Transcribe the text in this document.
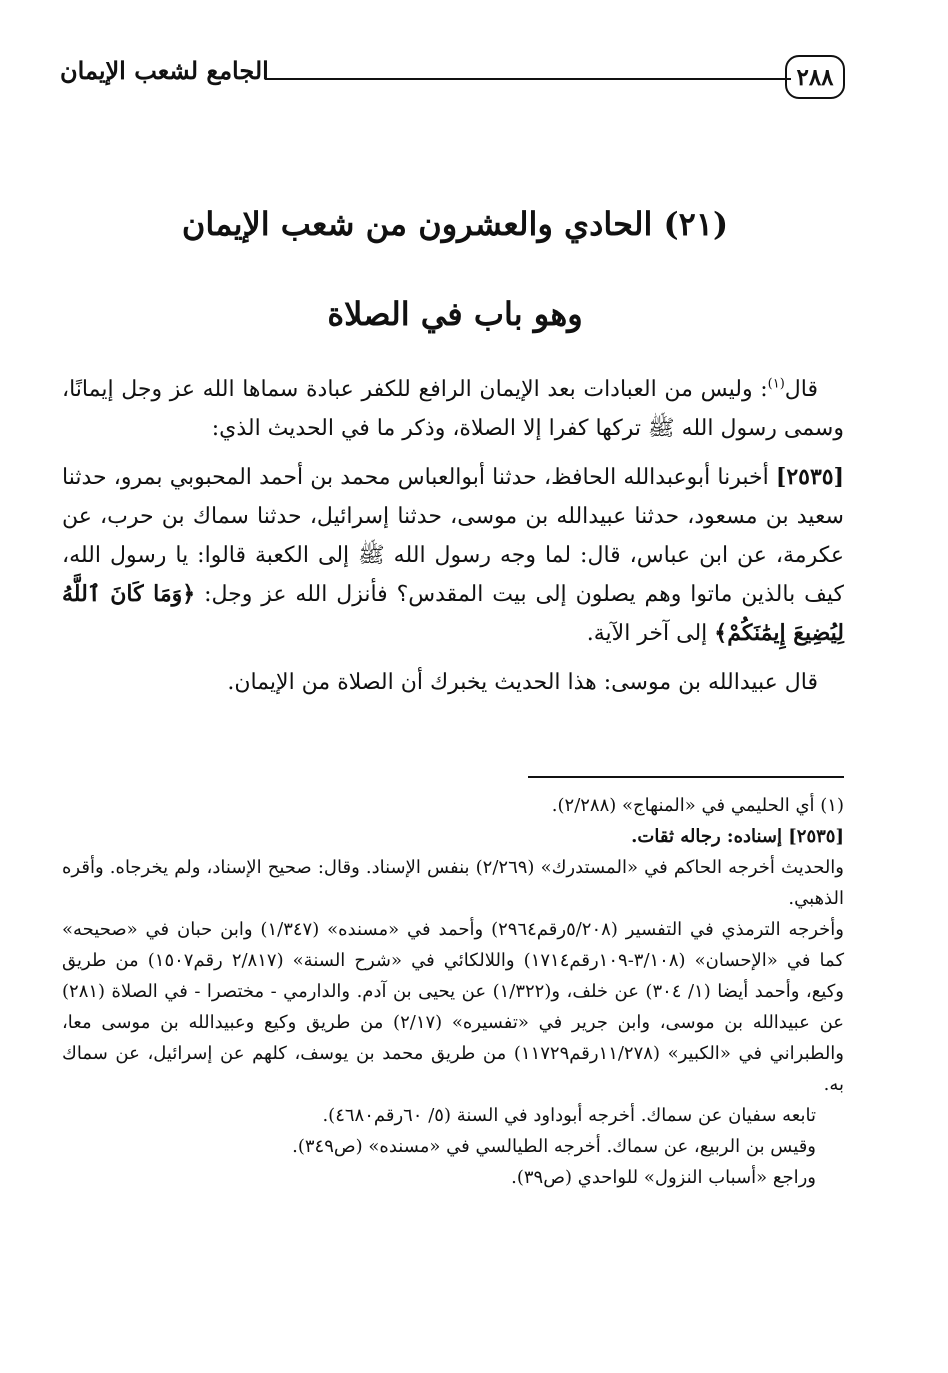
الجامع لشعب الإيمان	٢٨٨
(٢١) الحادي والعشرون من شعب الإيمان
وهو باب في الصلاة

قال$^{(١)}$: وليس من العبادات بعد الإيمان الرافع للكفر عبادة سماها الله عز وجل إيمانًا، وسمى رسول الله ﷺ تركها كفرا إلا الصلاة، وذكر ما في الحديث الذي:

[٢٥٣٥] أخبرنا أبوعبدالله الحافظ، حدثنا أبوالعباس محمد بن أحمد المحبوبي بمرو، حدثنا سعيد بن مسعود، حدثنا عبيدالله بن موسى، حدثنا إسرائيل، حدثنا سماك بن حرب، عن عكرمة، عن ابن عباس، قال: لما وجه رسول الله ﷺ إلى الكعبة قالوا: يا رسول الله، كيف بالذين ماتوا وهم يصلون إلى بيت المقدس؟ فأنزل الله عز وجل: ﴿وَمَا كَانَ ٱللَّهُ لِيُضِيعَ إِيمَٰنَكُمْ﴾ إلى آخر الآية.

قال عبيدالله بن موسى: هذا الحديث يخبرك أن الصلاة من الإيمان.

(١) أي الحليمي في «المنهاج» (٢/٢٨٨).

[٢٥٣٥] إسناده: رجاله ثقات.

والحديث أخرجه الحاكم في «المستدرك» (٢/٢٦٩) بنفس الإسناد. وقال: صحيح الإسناد، ولم يخرجاه. وأقره الذهبي.

وأخرجه الترمذي في التفسير (٥/٢٠٨رقم٢٩٦٤) وأحمد في «مسنده» (١/٣٤٧) وابن حبان في «صحيحه» كما في «الإحسان» (٣/١٠٨-١٠٩رقم١٧١٤) واللالكائي في «شرح السنة» (٢/٨١٧ رقم١٥٠٧) من طريق وكيع، وأحمد أيضا (١/ ٣٠٤) عن خلف، و(١/٣٢٢) عن يحيى بن آدم. والدارمي - مختصرا - في الصلاة (٢٨١) عن عبيدالله بن موسى، وابن جرير في «تفسيره» (٢/١٧) من طريق وكيع وعبيدالله بن موسى معا، والطبراني في «الكبير» (١١/٢٧٨رقم١١٧٢٩) من طريق محمد بن يوسف، كلهم عن إسرائيل، عن سماك به.

تابعه سفيان عن سماك. أخرجه أبوداود في السنة (٥/ ٦٠رقم٤٦٨٠).

وقيس بن الربيع، عن سماك. أخرجه الطيالسي في «مسنده» (ص٣٤٩).

وراجع «أسباب النزول» للواحدي (ص٣٩).
